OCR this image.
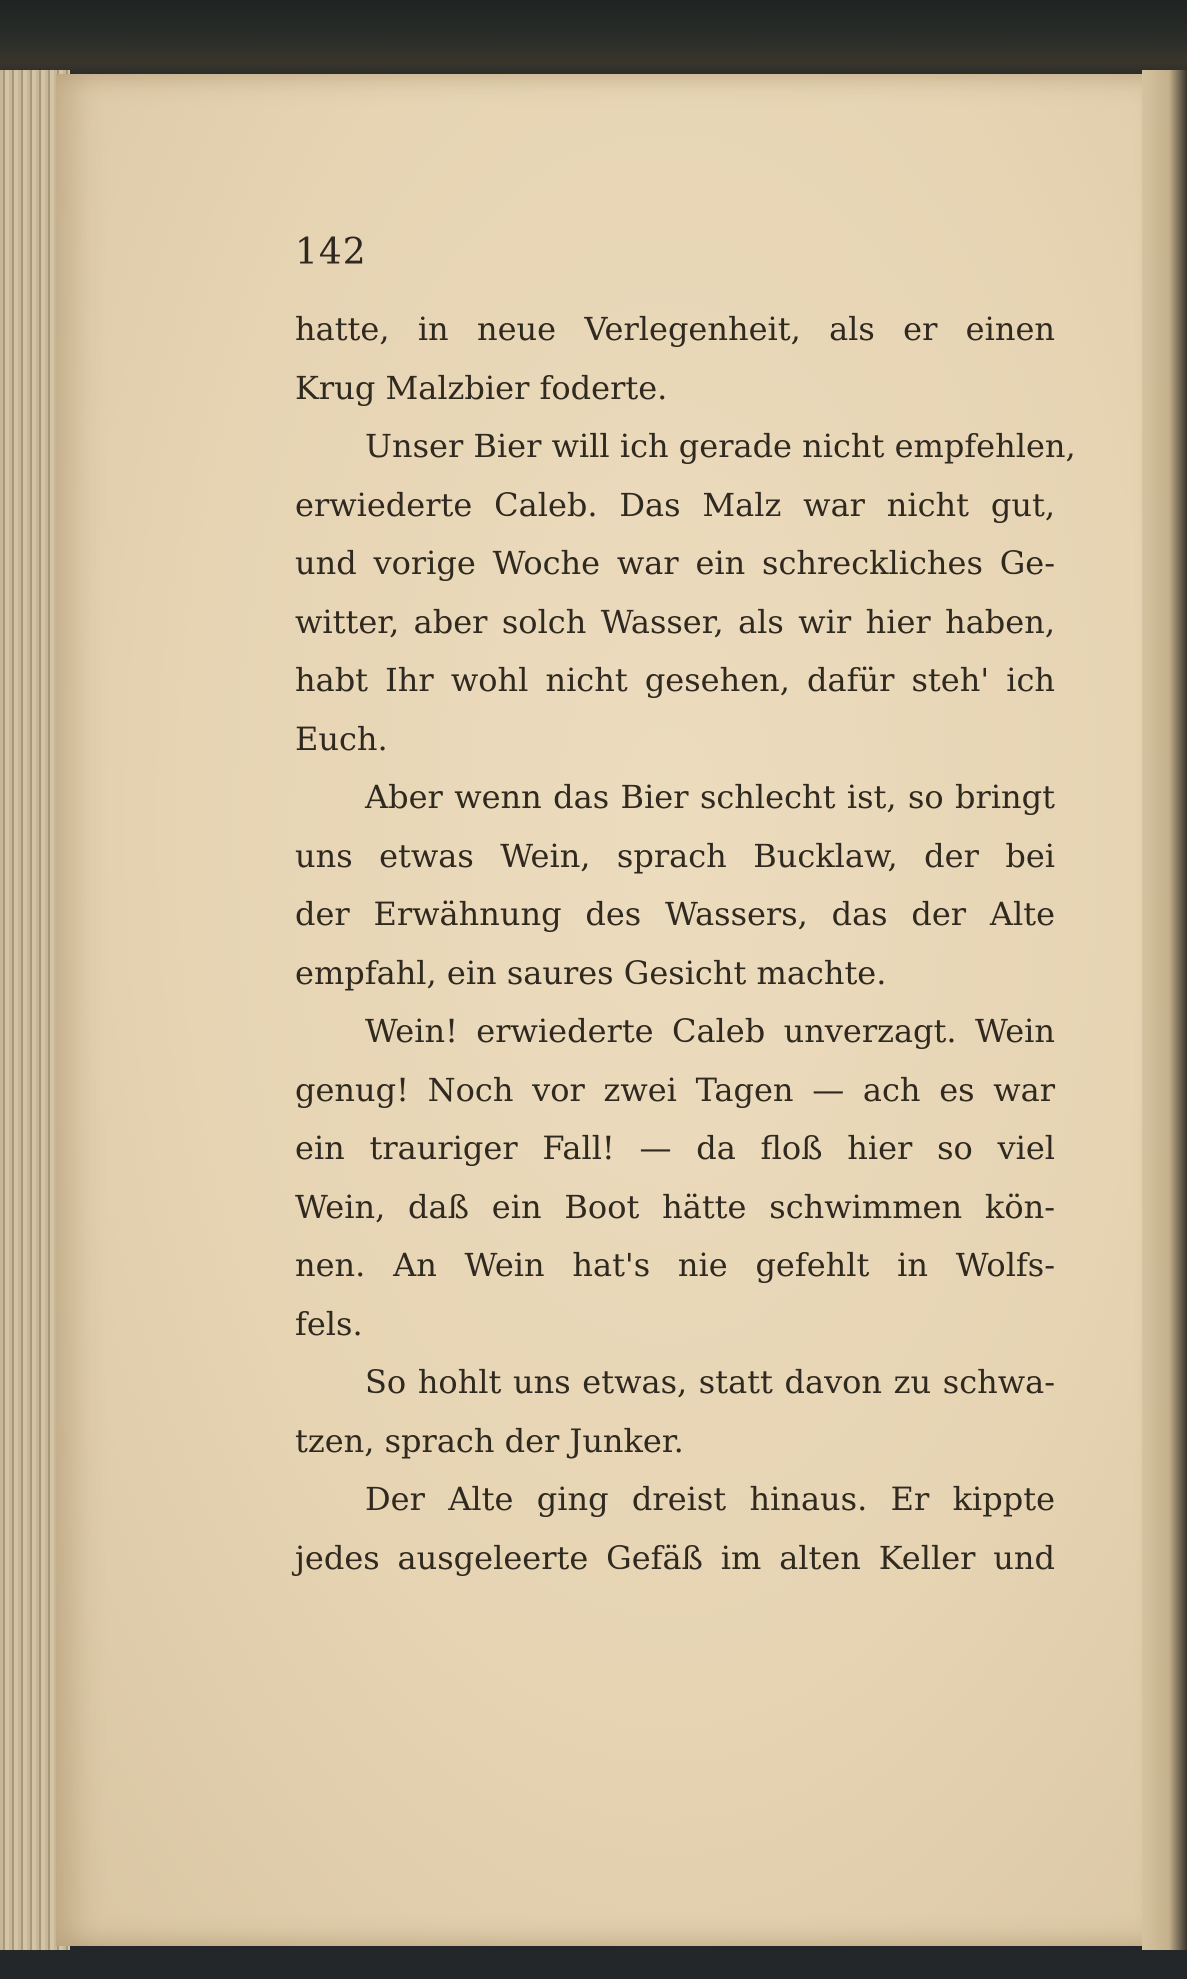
142
hatte, in neue Verlegenheit, als er einen
Krug Malzbier foderte.
Unser Bier will ich gerade nicht empfehlen,
erwiederte Caleb. Das Malz war nicht gut,
und vorige Woche war ein schreckliches Ge-
witter, aber solch Wasser, als wir hier haben,
habt Ihr wohl nicht gesehen, dafür steh' ich
Euch.
Aber wenn das Bier schlecht ist, so bringt
uns etwas Wein, sprach Bucklaw, der bei
der Erwähnung des Wassers, das der Alte
empfahl, ein saures Gesicht machte.
Wein! erwiederte Caleb unverzagt. Wein
genug! Noch vor zwei Tagen — ach es war
ein trauriger Fall! — da floß hier so viel
Wein, daß ein Boot hätte schwimmen kön-
nen. An Wein hat's nie gefehlt in Wolfs-
fels.
So hohlt uns etwas, statt davon zu schwa-
tzen, sprach der Junker.
Der Alte ging dreist hinaus. Er kippte
jedes ausgeleerte Gefäß im alten Keller und
